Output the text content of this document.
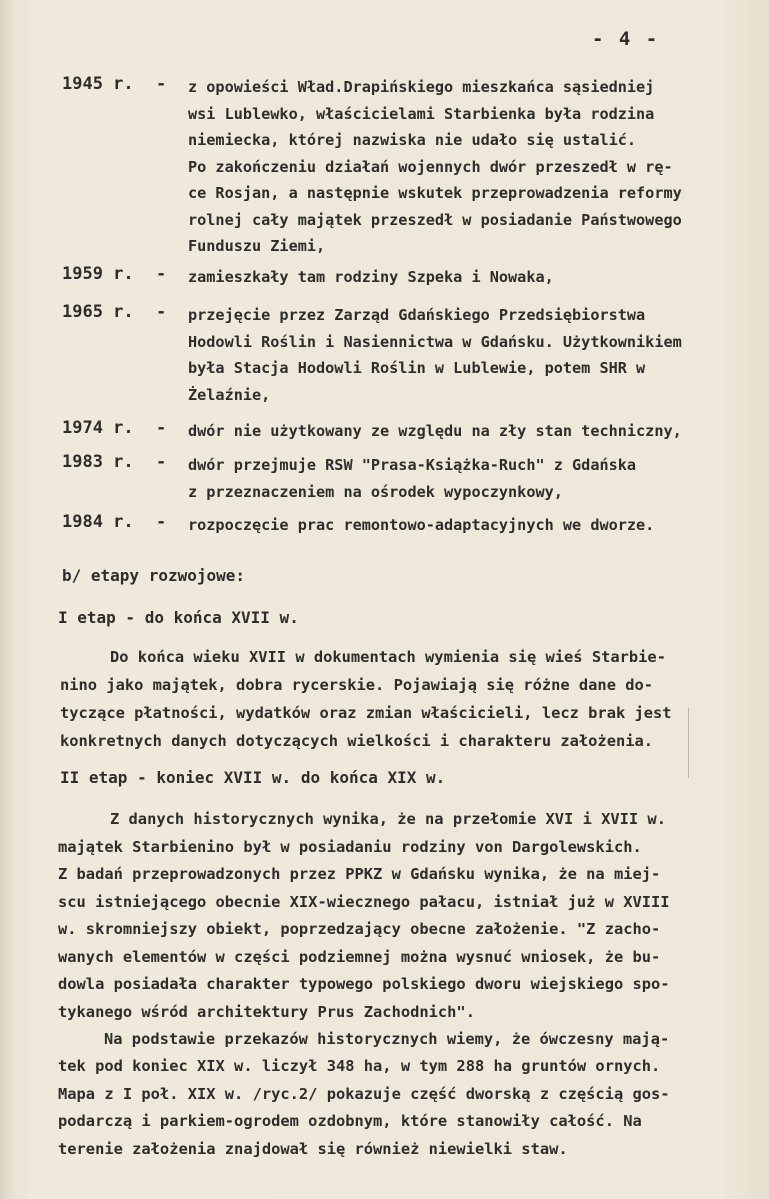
- 4 -
1945 r. - z opowieści Wład.Drapińskiego mieszkańca sąsiedniej
wsi Lublewko, właścicielami Starbienka była rodzina
niemiecka, której nazwiska nie udało się ustalić.
Po zakończeniu działań wojennych dwór przeszedł w rę-
ce Rosjan, a następnie wskutek przeprowadzenia reformy
rolnej cały majątek przeszedł w posiadanie Państwowego
Funduszu Ziemi,
1959 r. - zamieszkały tam rodziny Szpeka i Nowaka,
1965 r. - przejęcie przez Zarząd Gdańskiego Przedsiębiorstwa
Hodowli Roślin i Nasiennictwa w Gdańsku. Użytkownikiem
była Stacja Hodowli Roślin w Lublewie, potem SHR w
Żelaźnie,
1974 r. - dwór nie użytkowany ze względu na zły stan techniczny,
1983 r. - dwór przejmuje RSW "Prasa-Książka-Ruch" z Gdańska
z przeznaczeniem na ośrodek wypoczynkowy,
1984 r. - rozpoczęcie prac remontowo-adaptacyjnych we dworze.
b/ etapy rozwojowe:
I etap - do końca XVII w.
Do końca wieku XVII w dokumentach wymienia się wieś Starbie-
nino jako majątek, dobra rycerskie. Pojawiają się różne dane do-
tyczące płatności, wydatków oraz zmian właścicieli, lecz brak jest
konkretnych danych dotyczących wielkości i charakteru założenia.
II etap - koniec XVII w. do końca XIX w.
Z danych historycznych wynika, że na przełomie XVI i XVII w.
majątek Starbienino był w posiadaniu rodziny von Dargolewskich.
Z badań przeprowadzonych przez PPKZ w Gdańsku wynika, że na miej-
scu istniejącego obecnie XIX-wiecznego pałacu, istniał już w XVIII
w. skromniejszy obiekt, poprzedzający obecne założenie. "Z zacho-
wanych elementów w części podziemnej można wysnuć wniosek, że bu-
dowla posiadała charakter typowego polskiego dworu wiejskiego spo-
tykanego wśród architektury Prus Zachodnich".
Na podstawie przekazów historycznych wiemy, że ówczesny mają-
tek pod koniec XIX w. liczył 348 ha, w tym 288 ha gruntów ornych.
Mapa z I poł. XIX w. /ryc.2/ pokazuje część dworską z częścią gos-
podarczą i parkiem-ogrodem ozdobnym, które stanowiły całość. Na
terenie założenia znajdował się również niewielki staw.
